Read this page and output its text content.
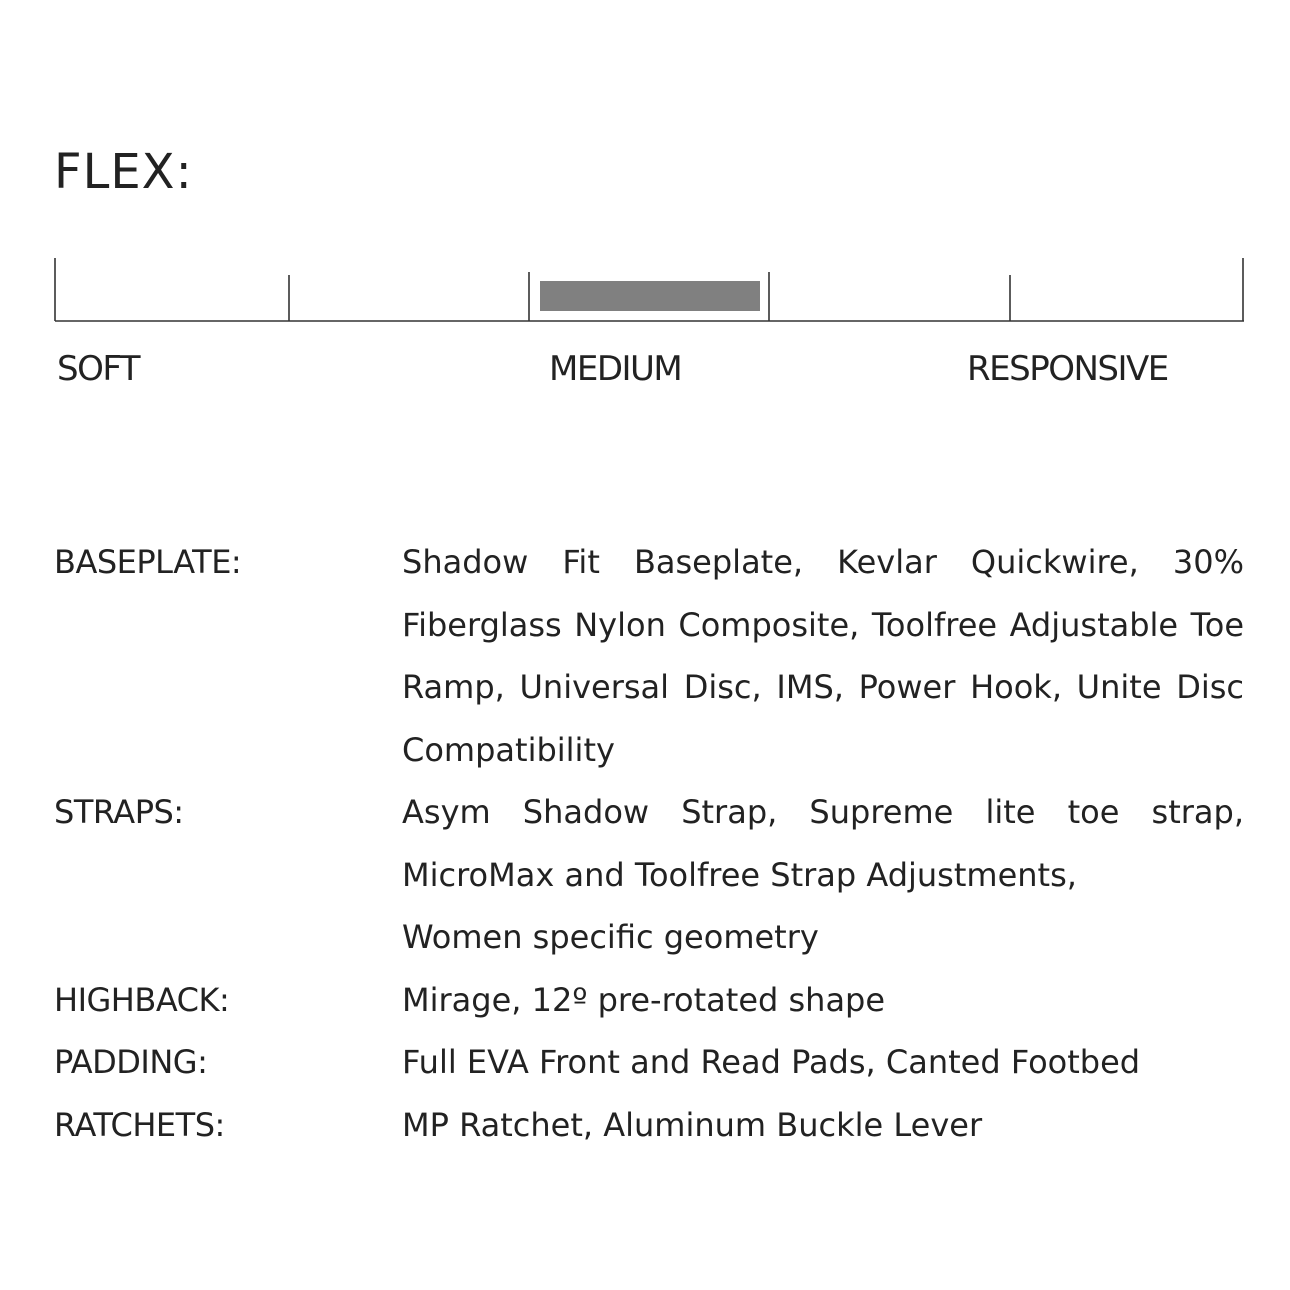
FLEX:
SOFT	MEDIUM	RESPONSIVE
BASEPLATE:	Shadow Fit Baseplate, Kevlar Quickwire, 30%
Fiberglass Nylon Composite, Toolfree Adjustable Toe
Ramp, Universal Disc, IMS, Power Hook, Unite Disc
Compatibility
STRAPS:	Asym Shadow Strap, Supreme lite toe strap,
MicroMax and Toolfree Strap Adjustments,
Women specific geometry
HIGHBACK:	Mirage, 12º pre-rotated shape
PADDING:	Full EVA Front and Read Pads, Canted Footbed
RATCHETS:	MP Ratchet, Aluminum Buckle Lever
